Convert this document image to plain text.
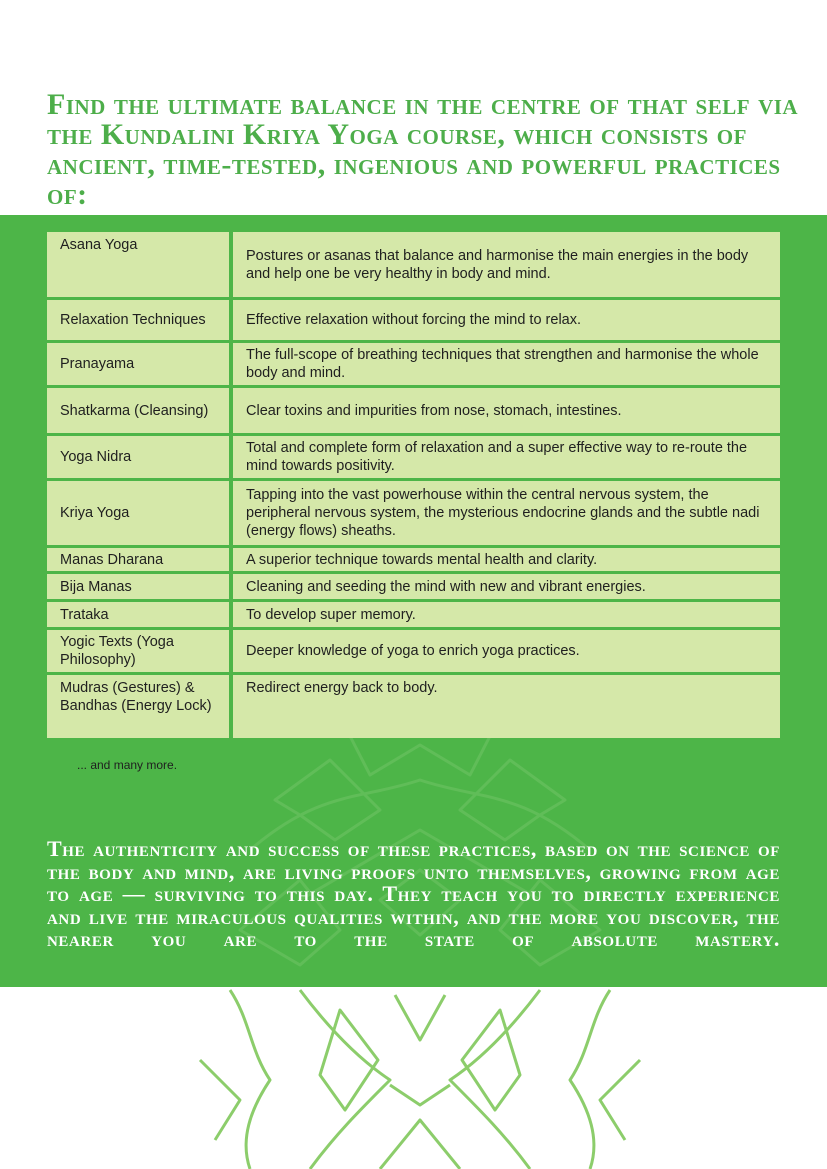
Find the ultimate balance in the centre of that self via the Kundalini Kriya Yoga course, which consists of ancient, time-tested, ingenious and powerful practices of:
Asana Yoga	Postures or asanas that balance and harmonise the main energies in the body and help one be very healthy in body and mind.
Relaxation Techniques	Effective relaxation without forcing the mind to relax.
Pranayama	The full-scope of breathing techniques that strengthen and harmonise the whole body and mind.
Shatkarma (Cleansing)	Clear toxins and impurities from nose, stomach, intestines.
Yoga Nidra	Total and complete form of relaxation and a super effective way to re-route the mind towards positivity.
Kriya Yoga	Tapping into the vast powerhouse within the central nervous system, the peripheral nervous system, the mysterious endocrine glands and the subtle nadi (energy flows) sheaths.
Manas Dharana	A superior technique towards mental health and clarity.
Bija Manas	Cleaning and seeding the mind with new and vibrant energies.
Trataka	To develop super memory.
Yogic Texts (Yoga Philosophy)	Deeper knowledge of yoga to enrich yoga practices.
Mudras (Gestures) & Bandhas (Energy Lock)	Redirect energy back to body.

... and many more.

The authenticity and success of these practices, based on the science of the body and mind, are living proofs unto themselves, growing from age to age — surviving to this day. They teach you to directly experience and live the miraculous qualities within, and the more you discover, the nearer you are to the state of absolute mastery.
